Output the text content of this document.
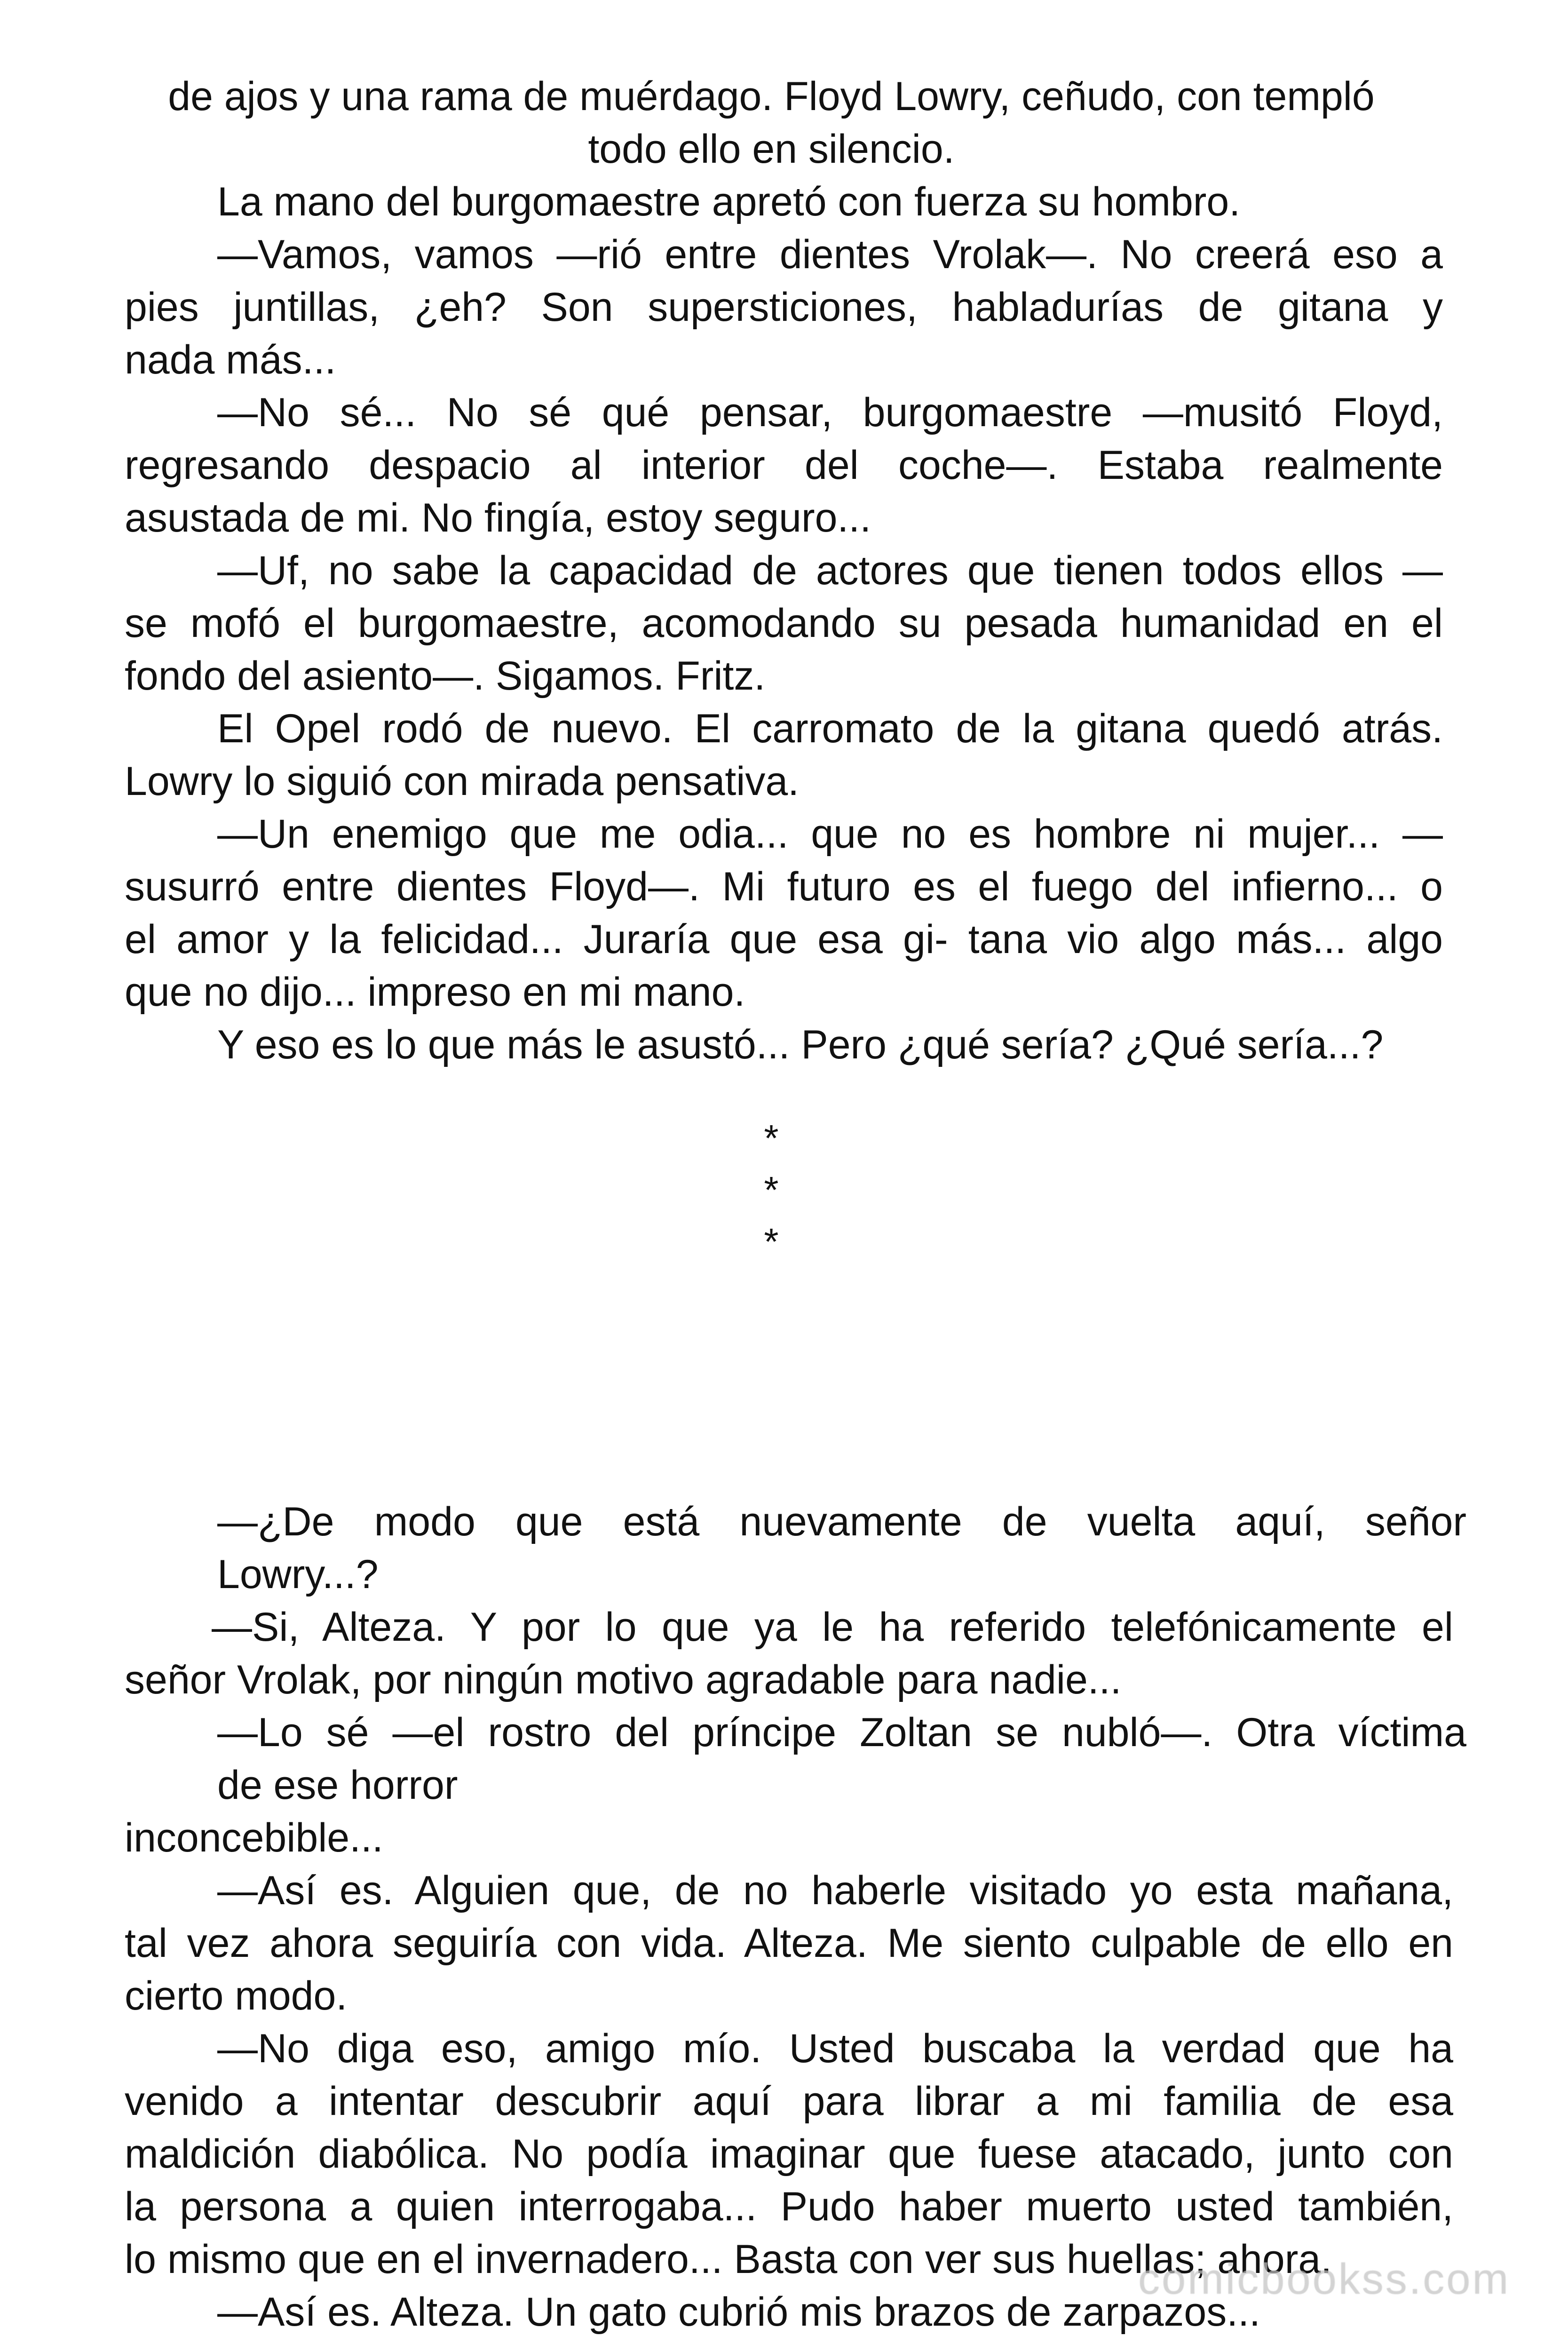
de ajos y una rama de muérdago. Floyd Lowry, ceñudo, con templó
todo ello en silencio.
La mano del burgomaestre apretó con fuerza su hombro.
—Vamos, vamos —rió entre dientes Vrolak—. No creerá eso a
pies juntillas, ¿eh? Son supersticiones, habladurías de gitana y
nada más...
—No sé... No sé qué pensar, burgomaestre —musitó Floyd,
regresando despacio al interior del coche—. Estaba realmente
asustada de mi. No fingía, estoy seguro...
—Uf, no sabe la capacidad de actores que tienen todos ellos —
se mofó el burgomaestre, acomodando su pesada humanidad en el
fondo del asiento—. Sigamos. Fritz.
El Opel rodó de nuevo. El carromato de la gitana quedó atrás.
Lowry lo siguió con mirada pensativa.
—Un enemigo que me odia... que no es hombre ni mujer... —
susurró entre dientes Floyd—. Mi futuro es el fuego del infierno... o
el amor y la felicidad... Juraría que esa gi- tana vio algo más... algo
que no dijo... impreso en mi mano.
Y eso es lo que más le asustó... Pero ¿qué sería? ¿Qué sería...?
*
*
*
—¿De modo que está nuevamente de vuelta aquí, señor
Lowry...?
—Si, Alteza. Y por lo que ya le ha referido telefónicamente el
señor Vrolak, por ningún motivo agradable para nadie...
—Lo sé —el rostro del príncipe Zoltan se nubló—. Otra víctima
de ese horror
inconcebible...
—Así es. Alguien que, de no haberle visitado yo esta mañana,
tal vez ahora seguiría con vida. Alteza. Me siento culpable de ello en
cierto modo.
—No diga eso, amigo mío. Usted buscaba la verdad que ha
venido a intentar descubrir aquí para librar a mi familia de esa
maldición diabólica. No podía imaginar que fuese atacado, junto con
la persona a quien interrogaba... Pudo haber muerto usted también,
lo mismo que en el invernadero... Basta con ver sus huellas; ahora.
—Así es. Alteza. Un gato cubrió mis brazos de zarpazos...
comicbookss.com
